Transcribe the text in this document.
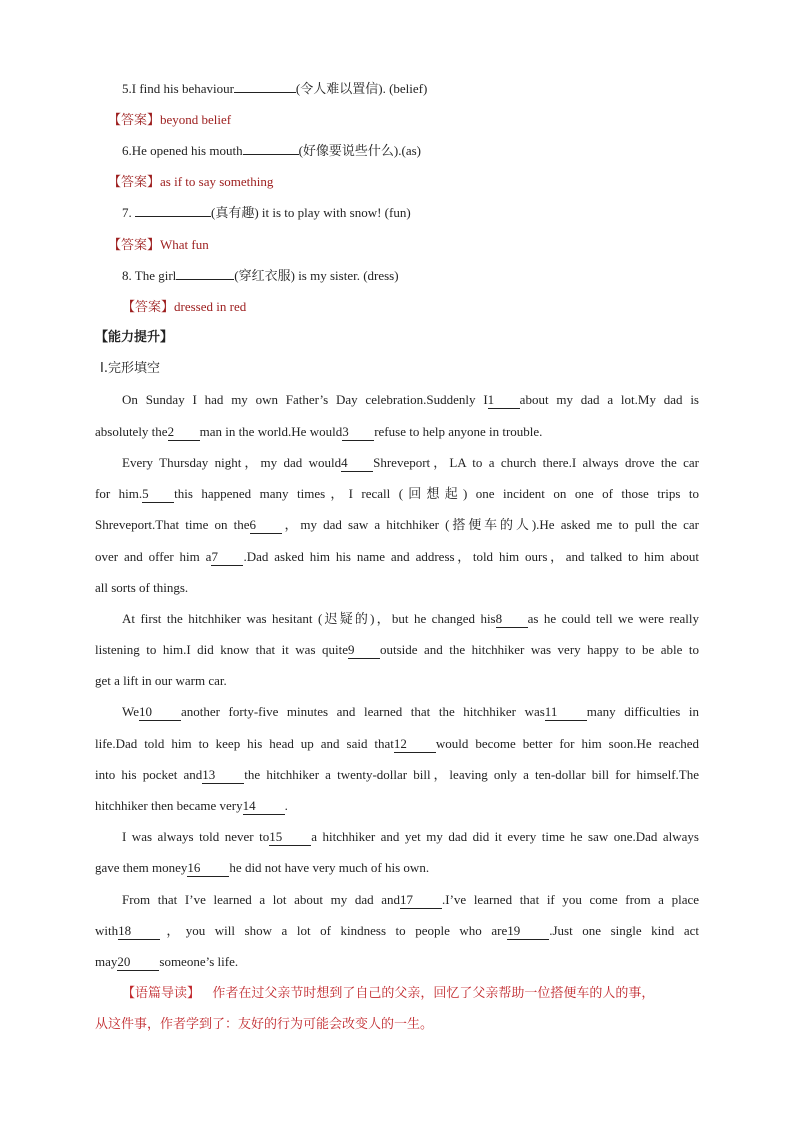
5.I find his behaviour	(令人难以置信). (belief)
【答案】beyond belief
6.He opened his mouth	(好像要说些什么).(as)
【答案】as if to say something
7.	(真有趣) it is to play with snow! (fun)
【答案】What fun
8. The girl	(穿红衣服) is my sister. (dress)
【答案】dressed in red
【能力提升】
Ⅰ.完形填空
On Sunday I had my own Father’s Day celebration.Suddenly I1 about my dad a lot.My dad is
absolutely the2 man in the world.He would3 refuse to help anyone in trouble.
Every Thursday night，my dad would4 Shreveport，LA to a church there.I always drove the car
for him.5 this happened many times，I recall (回想起) one incident on one of those trips to
Shreveport.That time on the6 ，my dad saw a hitchhiker (搭便车的人).He asked me to pull the car
over and offer him a7 .Dad asked him his name and address，told him ours，and talked to him about
all sorts of things.
At first the hitchhiker was hesitant (迟疑的)，but he changed his8 as he could tell we were really
listening to him.I did know that it was quite9 outside and the hitchhiker was very happy to be able to
get a lift in our warm car.
We10 another forty-five minutes and learned that the hitchhiker was11 many difficulties in
life.Dad told him to keep his head up and said that12 would become better for him soon.He reached
into his pocket and13 the hitchhiker a twenty-dollar bill，leaving only a ten-dollar bill for himself.The
hitchhiker then became very14 .
I was always told never to15 a hitchhiker and yet my dad did it every time he saw one.Dad always
gave them money16 he did not have very much of his own.
From that I’ve learned a lot about my dad and17 .I’ve learned that if you come from a place
with18 ，you will show a lot of kindness to people who are19 .Just one single kind act
may20 someone’s life.
【语篇导读】 作者在过父亲节时想到了自己的父亲，回忆了父亲帮助一位搭便车的人的事，
从这件事，作者学到了：友好的行为可能会改变人的一生。
